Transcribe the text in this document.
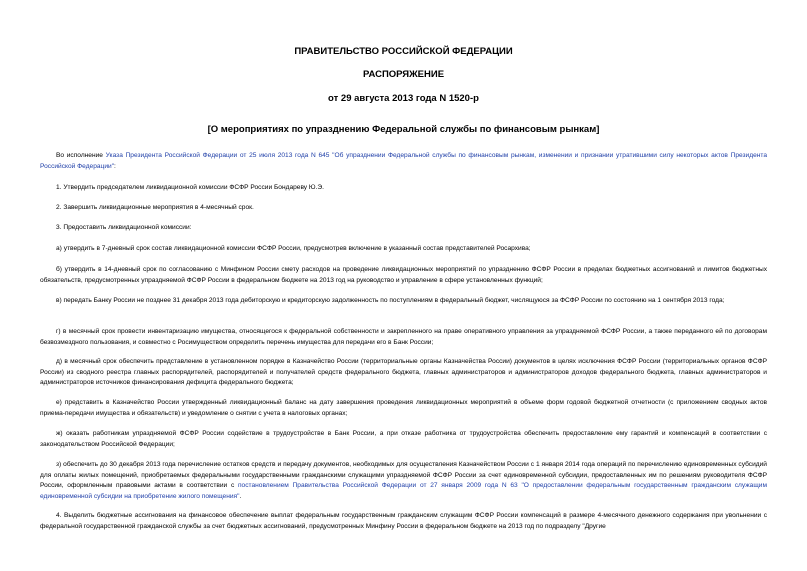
ПРАВИТЕЛЬСТВО РОССИЙСКОЙ ФЕДЕРАЦИИ
РАСПОРЯЖЕНИЕ
от 29 августа 2013 года N 1520-р
[О мероприятиях по упразднению Федеральной службы по финансовым рынкам]
Во исполнение Указа Президента Российской Федерации от 25 июля 2013 года N 645 "Об упразднении Федеральной службы по финансовым рынкам, изменении и признании утратившими силу некоторых актов Президента Российской Федерации":
1. Утвердить председателем ликвидационной комиссии ФСФР России Бондареву Ю.Э.
2. Завершить ликвидационные мероприятия в 4-месячный срок.
3. Предоставить ликвидационной комиссии:
а) утвердить в 7-дневный срок состав ликвидационной комиссии ФСФР России, предусмотрев включение в указанный состав представителей Росархива;
б) утвердить в 14-дневный срок по согласованию с Минфином России смету расходов на проведение ликвидационных мероприятий по упразднению ФСФР России в пределах бюджетных ассигнований и лимитов бюджетных обязательств, предусмотренных упраздняемой ФСФР России в федеральном бюджете на 2013 год на руководство и управление в сфере установленных функций;
в) передать Банку России не позднее 31 декабря 2013 года дебиторскую и кредиторскую задолженность по поступлениям в федеральный бюджет, числящуюся за ФСФР России по состоянию на 1 сентября 2013 года;
г) в месячный срок провести инвентаризацию имущества, относящегося к федеральной собственности и закрепленного на праве оперативного управления за упраздняемой ФСФР России, а также переданного ей по договорам безвозмездного пользования, и совместно с Росимуществом определить перечень имущества для передачи его в Банк России;
д) в месячный срок обеспечить представление в установленном порядке в Казначейство России (территориальные органы Казначейства России) документов в целях исключения ФСФР России (территориальных органов ФСФР России) из сводного реестра главных распорядителей, распорядителей и получателей средств федерального бюджета, главных администраторов и администраторов доходов федерального бюджета, главных администраторов и администраторов источников финансирования дефицита федерального бюджета;
е) представить в Казначейство России утвержденный ликвидационный баланс на дату завершения проведения ликвидационных мероприятий в объеме форм годовой бюджетной отчетности (с приложением сводных актов приема-передачи имущества и обязательств) и уведомление о снятии с учета в налоговых органах;
ж) оказать работникам упраздняемой ФСФР России содействие в трудоустройстве в Банк России, а при отказе работника от трудоустройства обеспечить предоставление ему гарантий и компенсаций в соответствии с законодательством Российской Федерации;
з) обеспечить до 30 декабря 2013 года перечисление остатков средств и передачу документов, необходимых для осуществления Казначейством России с 1 января 2014 года операций по перечислению единовременных субсидий для оплаты жилых помещений, приобретаемых федеральными государственными гражданскими служащими упраздняемой ФСФР России за счет единовременной субсидии, предоставленных им по решениям руководителя ФСФР России, оформленным правовыми актами в соответствии с постановлением Правительства Российской Федерации от 27 января 2009 года N 63 "О предоставлении федеральным государственным гражданским служащим единовременной субсидии на приобретение жилого помещения".
4. Выделить бюджетные ассигнования на финансовое обеспечение выплат федеральным государственным гражданским служащим ФСФР России компенсаций в размере 4-месячного денежного содержания при увольнении с федеральной государственной гражданской службы за счет бюджетных ассигнований, предусмотренных Минфину России в федеральном бюджете на 2013 год по подразделу "Другие
